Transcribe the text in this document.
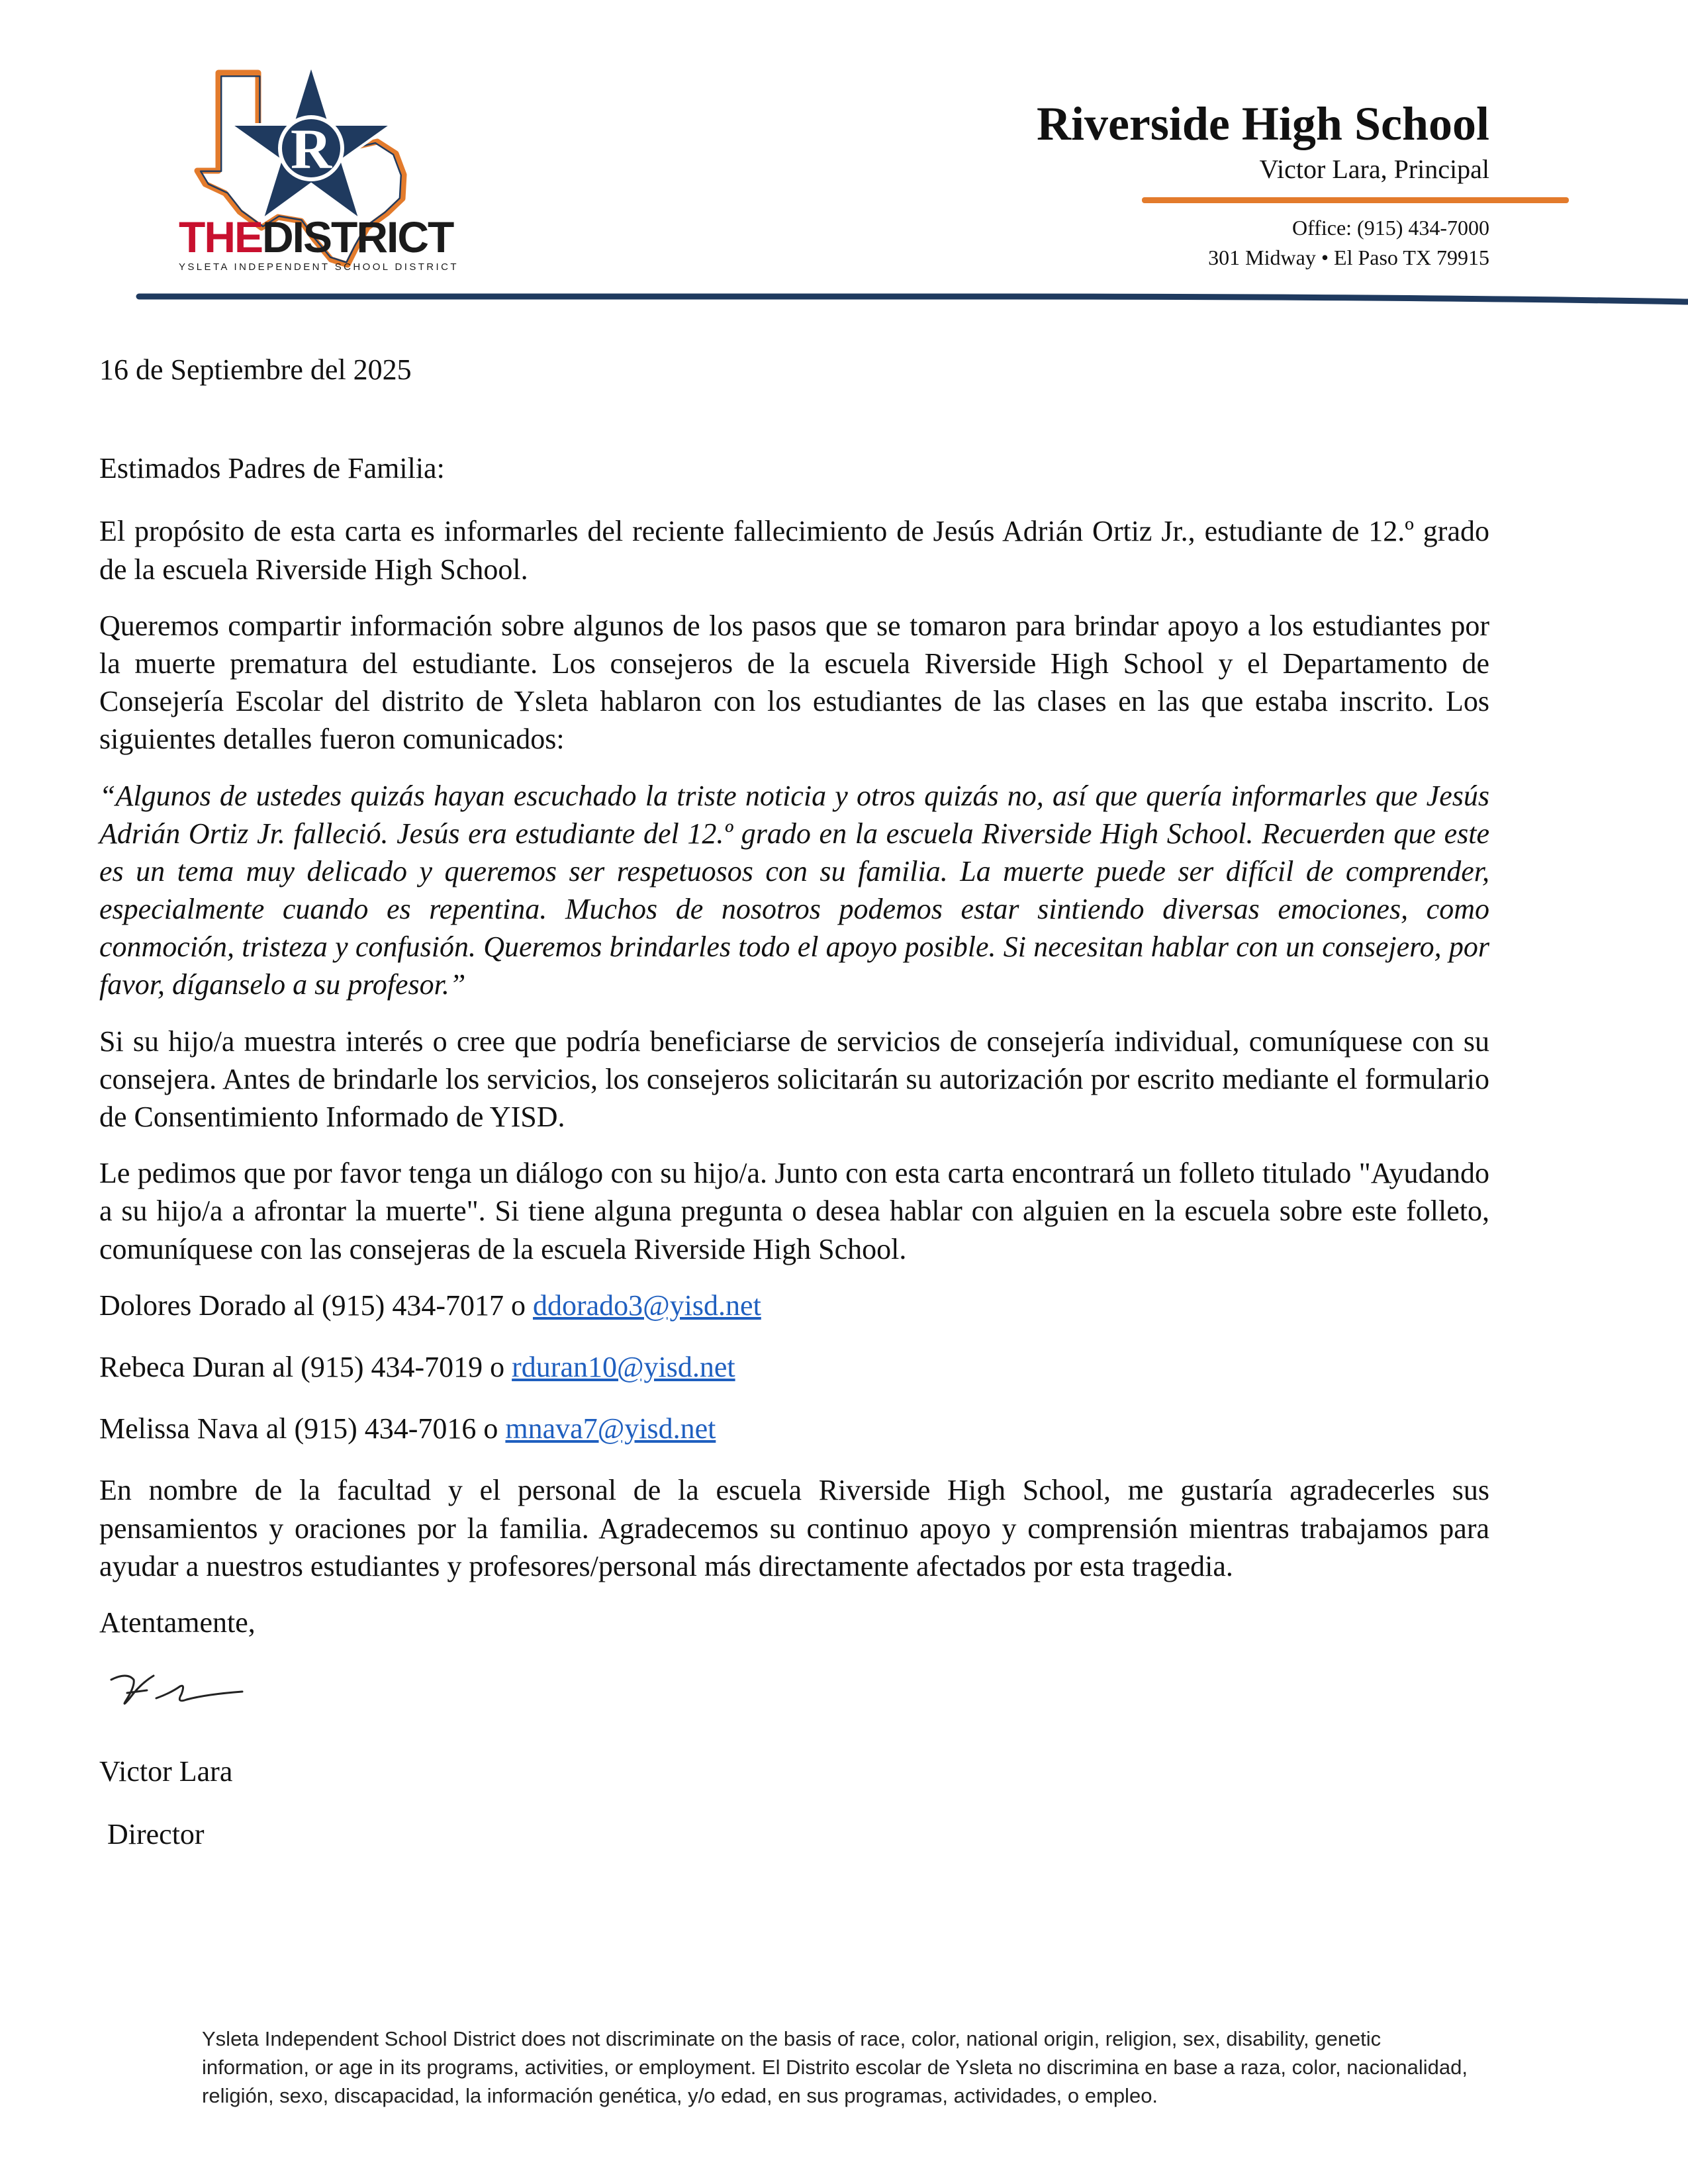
R
THEDISTRICT
YSLETA INDEPENDENT SCHOOL DISTRICT
Riverside High School
Victor Lara, Principal
Office: (915) 434-7000
301 Midway • El Paso TX 79915

16 de Septiembre del 2025

Estimados Padres de Familia:

El propósito de esta carta es informarles del reciente fallecimiento de Jesús Adrián Ortiz Jr., estudiante de 12.º grado de la escuela Riverside High School.

Queremos compartir información sobre algunos de los pasos que se tomaron para brindar apoyo a los estudiantes por la muerte prematura del estudiante. Los consejeros de la escuela Riverside High School y el Departamento de Consejería Escolar del distrito de Ysleta hablaron con los estudiantes de las clases en las que estaba inscrito. Los siguientes detalles fueron comunicados:

“Algunos de ustedes quizás hayan escuchado la triste noticia y otros quizás no, así que quería informarles que Jesús Adrián Ortiz Jr. falleció. Jesús era estudiante del 12.º grado en la escuela Riverside High School. Recuerden que este es un tema muy delicado y queremos ser respetuosos con su familia. La muerte puede ser difícil de comprender, especialmente cuando es repentina. Muchos de nosotros podemos estar sintiendo diversas emociones, como conmoción, tristeza y confusión. Queremos brindarles todo el apoyo posible. Si necesitan hablar con un consejero, por favor, díganselo a su profesor.”

Si su hijo/a muestra interés o cree que podría beneficiarse de servicios de consejería individual, comuníquese con su consejera. Antes de brindarle los servicios, los consejeros solicitarán su autorización por escrito mediante el formulario de Consentimiento Informado de YISD.

Le pedimos que por favor tenga un diálogo con su hijo/a. Junto con esta carta encontrará un folleto titulado "Ayudando a su hijo/a a afrontar la muerte". Si tiene alguna pregunta o desea hablar con alguien en la escuela sobre este folleto, comuníquese con las consejeras de la escuela Riverside High School.

Dolores Dorado al (915) 434-7017 o ddorado3@yisd.net

Rebeca Duran al (915) 434-7019 o rduran10@yisd.net

Melissa Nava al (915) 434-7016 o mnava7@yisd.net

En nombre de la facultad y el personal de la escuela Riverside High School, me gustaría agradecerles sus pensamientos y oraciones por la familia. Agradecemos su continuo apoyo y comprensión mientras trabajamos para ayudar a nuestros estudiantes y profesores/personal más directamente afectados por esta tragedia.

Atentamente,

Victor Lara

Director

Ysleta Independent School District does not discriminate on the basis of race, color, national origin, religion, sex, disability, genetic information, or age in its programs, activities, or employment. El Distrito escolar de Ysleta no discrimina en base a raza, color, nacionalidad, religión, sexo, discapacidad, la información genética, y/o edad, en sus programas, actividades, o empleo.
